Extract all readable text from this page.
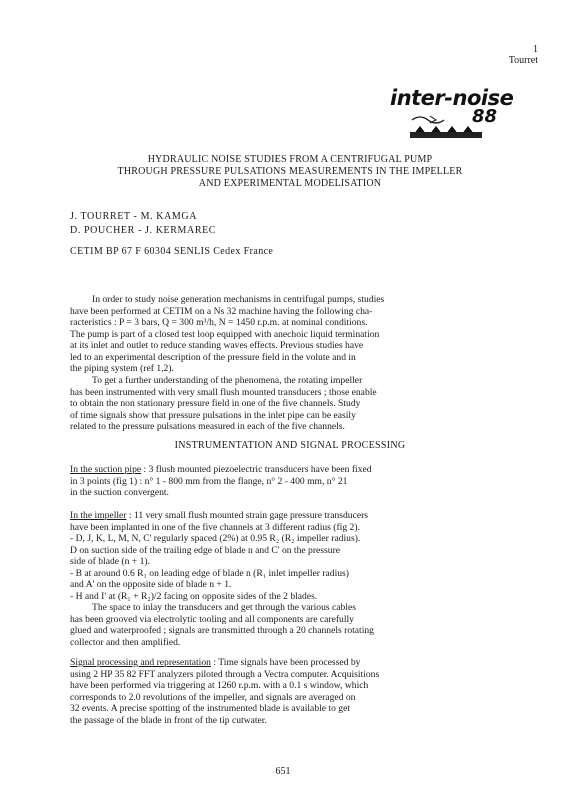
1
Tourret
inter-noise
88
HYDRAULIC NOISE STUDIES FROM A CENTRIFUGAL PUMP
THROUGH PRESSURE PULSATIONS MEASUREMENTS IN THE IMPELLER
AND EXPERIMENTAL MODELISATION
J. TOURRET - M. KAMGA
D. POUCHER - J. KERMAREC
CETIM BP 67 F 60304 SENLIS Cedex France
In order to study noise generation mechanisms in centrifugal pumps, studies
have been performed at CETIM on a Ns 32 machine having the following cha-
racteristics : P = 3 bars, Q = 300 m³/h, N = 1450 r.p.m. at nominal conditions.
The pump is part of a closed test loop equipped with anechoic liquid termination
at its inlet and outlet to reduce standing waves effects. Previous studies have
led to an experimental description of the pressure field in the volute and in
the piping system (ref 1,2).
To get a further understanding of the phenomena, the rotating impeller
has been instrumented with very small flush mounted transducers ; those enable
to obtain the non stationary pressure field in one of the five channels. Study
of time signals show that pressure pulsations in the inlet pipe can be easily
related to the pressure pulsations measured in each of the five channels.
INSTRUMENTATION AND SIGNAL PROCESSING
In the suction pipe : 3 flush mounted piezoelectric transducers have been fixed
in 3 points (fig 1) : n° 1 - 800 mm from the flange, n° 2 - 400 mm, n° 21
in the suction convergent.
In the impeller : 11 very small flush mounted strain gage pressure transducers
have been implanted in one of the five channels at 3 different radius (fig 2).
- D, J, K, L, M, N, C' regularly spaced (2%) at 0.95 R₂ (R₂ impeller radius).
D on suction side of the trailing edge of blade n and C' on the pressure
side of blade (n + 1).
- B at around 0.6 R₁ on leading edge of blade n (R₁ inlet impeller radius)
and A' on the opposite side of blade n + 1.
- H and I' at (R₁ + R₂)/2 facing on opposite sides of the 2 blades.
The space to inlay the transducers and get through the various cables
has been grooved via electrolytic tooling and all components are carefully
glued and waterproofed ; signals are transmitted through a 20 channels rotating
collector and then amplified.
Signal processing and representation : Time signals have been processed by
using 2 HP 35 82 FFT analyzers piloted through a Vectra computer. Acquisitions
have been performed via triggering at 1260 r.p.m. with a 0.1 s window, which
corresponds to 2.0 revolutions of the impeller, and signals are averaged on
32 events. A precise spotting of the instrumented blade is available to get
the passage of the blade in front of the tip cutwater.
651
